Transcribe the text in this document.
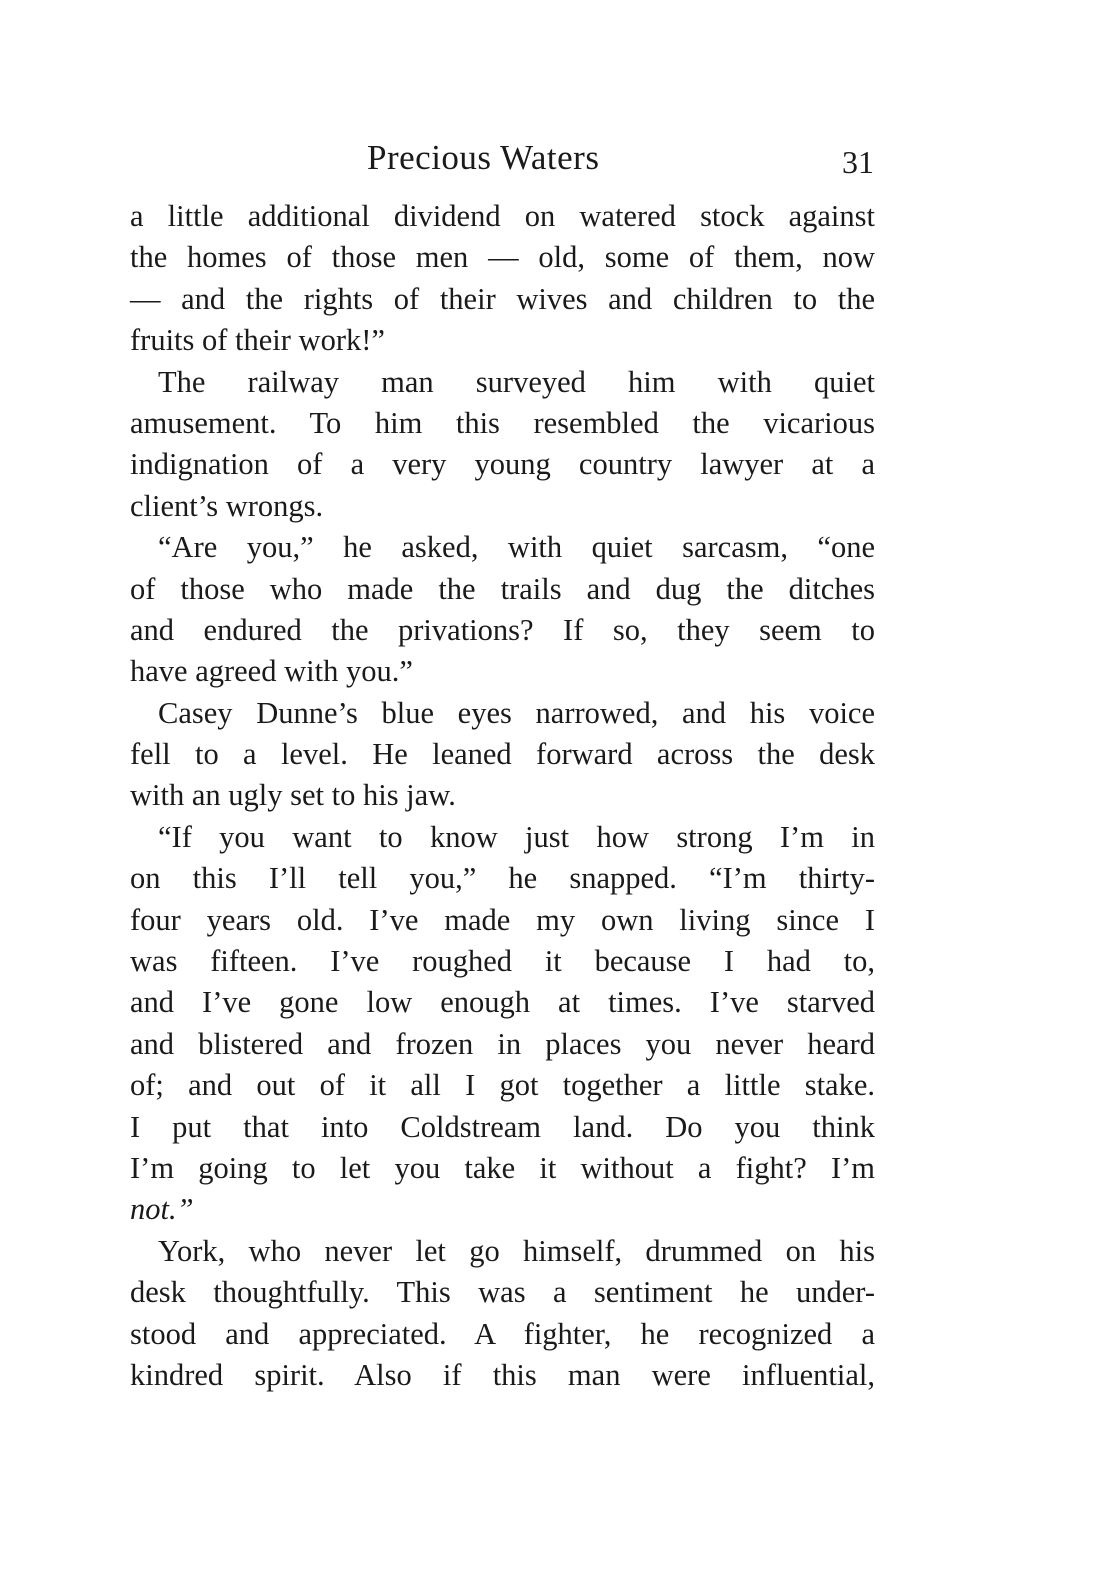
Precious Waters	31
a little additional dividend on watered stock against
the homes of those men — old, some of them, now
— and the rights of their wives and children to the
fruits of their work!”
The railway man surveyed him with quiet
amusement. To him this resembled the vicarious
indignation of a very young country lawyer at a
client’s wrongs.
“Are you,” he asked, with quiet sarcasm, “one
of those who made the trails and dug the ditches
and endured the privations? If so, they seem to
have agreed with you.”
Casey Dunne’s blue eyes narrowed, and his voice
fell to a level. He leaned forward across the desk
with an ugly set to his jaw.
“If you want to know just how strong I’m in
on this I’ll tell you,” he snapped. “I’m thirty-
four years old. I’ve made my own living since I
was fifteen. I’ve roughed it because I had to,
and I’ve gone low enough at times. I’ve starved
and blistered and frozen in places you never heard
of; and out of it all I got together a little stake.
I put that into Coldstream land. Do you think
I’m going to let you take it without a fight? I’m
not.”
York, who never let go himself, drummed on his
desk thoughtfully. This was a sentiment he under-
stood and appreciated. A fighter, he recognized a
kindred spirit. Also if this man were influential,
